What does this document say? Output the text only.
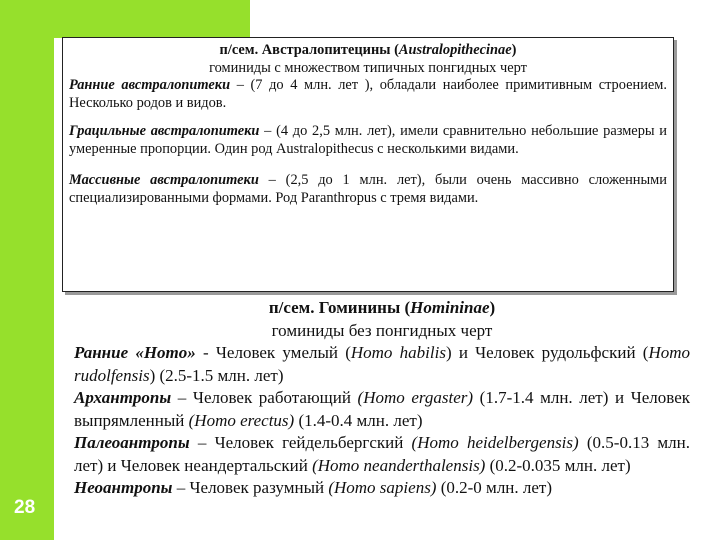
28
п/сем. Австралопитецины (Australopithecinae)
гоминиды с множеством типичных понгидных черт

Ранние австралопитеки – (7 до 4 млн. лет ), обладали наиболее примитивным строением. Несколько родов и видов.

Грацильные австралопитеки – (4 до 2,5 млн. лет), имели сравнительно небольшие размеры и умеренные пропорции. Один род Australopithecus с несколькими видами.

Массивные австралопитеки – (2,5 до 1 млн. лет), были очень массивно сложенными специализированными формами. Род Paranthropus с тремя видами.

п/сем. Гоминины (Homininae)
гоминиды без понгидных черт

Ранние «Homo» - Человек умелый (Homo habilis) и Человек рудольфский (Homo rudolfensis) (2.5-1.5 млн. лет)

Архантропы – Человек работающий (Homo ergaster) (1.7-1.4 млн. лет) и Человек выпрямленный (Homo erectus) (1.4-0.4 млн. лет)

Палеоантропы – Человек гейдельбергский (Homo heidelbergensis) (0.5-0.13 млн. лет) и Человек неандертальский (Homo neanderthalensis) (0.2-0.035 млн. лет)

Неоантропы – Человек разумный (Homo sapiens) (0.2-0 млн. лет)
